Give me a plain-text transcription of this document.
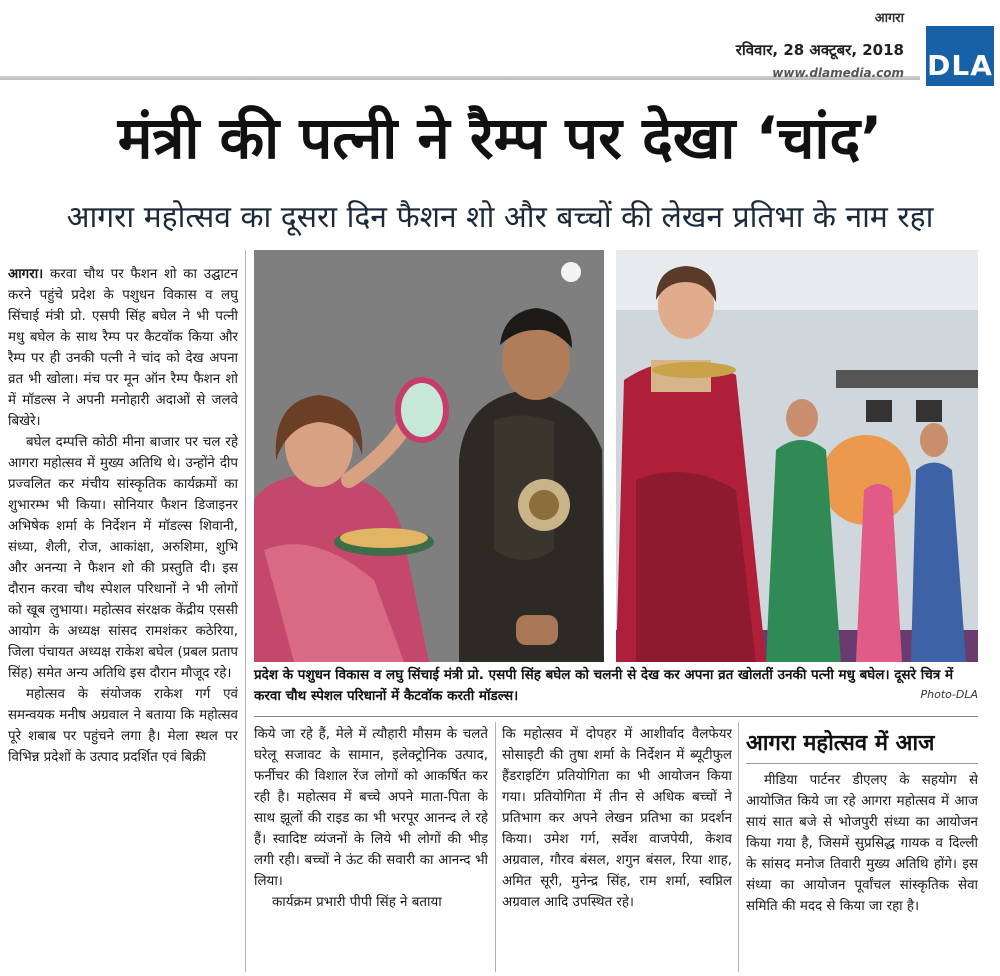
आगरा
रविवार, 28 अक्टूबर, 2018
www.dlamedia.com DLA
मंत्री की पत्नी ने रैम्प पर देखा ‘चांद’
आगरा महोत्सव का दूसरा दिन फैशन शो और बच्चों की लेखन प्रतिभा के नाम रहा

आगरा। करवा चौथ पर फैशन शो का उद्घाटन करने पहुंचे प्रदेश के पशुधन विकास व लघु सिंचाई मंत्री प्रो. एसपी सिंह बघेल ने भी पत्नी मधु बघेल के साथ रैम्प पर कैटवॉक किया और रैम्प पर ही उनकी पत्नी ने चांद को देख अपना व्रत भी खोला। मंच पर मून ऑन रैम्प फैशन शो में मॉडल्स ने अपनी मनोहारी अदाओं से जलवे बिखेरे।

बघेल दम्पत्ति कोठी मीना बाजार पर चल रहे आगरा महोत्सव में मुख्य अतिथि थे। उन्होंने दीप प्रज्वलित कर मंचीय सांस्कृतिक कार्यक्रमों का शुभारम्भ भी किया। सोनियार फैशन डिजाइनर अभिषेक शर्मा के निर्देशन में मॉडल्स शिवानी, संध्या, शैली, रोज, आकांक्षा, अरुशिमा, शुभि और अनन्या ने फैशन शो की प्रस्तुति दी। इस दौरान करवा चौथ स्पेशल परिधानों ने भी लोगों को खूब लुभाया। महोत्सव संरक्षक केंद्रीय एससी आयोग के अध्यक्ष सांसद रामशंकर कठेरिया, जिला पंचायत अध्यक्ष राकेश बघेल (प्रबल प्रताप सिंह) समेत अन्य अतिथि इस दौरान मौजूद रहे।

महोत्सव के संयोजक राकेश गर्ग एवं समन्वयक मनीष अग्रवाल ने बताया कि महोत्सव पूरे शबाब पर पहुंचने लगा है। मेला स्थल पर विभिन्न प्रदेशों के उत्पाद प्रदर्शित एवं बिक्री

प्रदेश के पशुधन विकास व लघु सिंचाई मंत्री प्रो. एसपी सिंह बघेल को चलनी से देख कर अपना व्रत खोलतीं उनकी पत्नी मधु बघेल। दूसरे चित्र में करवा चौथ स्पेशल परिधानों में कैटवॉक करती मॉडल्स।	Photo-DLA

किये जा रहे हैं, मेले में त्यौहारी मौसम के चलते घरेलू सजावट के सामान, इलेक्ट्रोनिक उत्पाद, फर्नीचर की विशाल रेंज लोगों को आकर्षित कर रही है। महोत्सव में बच्चे अपने माता-पिता के साथ झूलों की राइड का भी भरपूर आनन्द ले रहे हैं। स्वादिष्ट व्यंजनों के लिये भी लोगों की भीड़ लगी रही। बच्चों ने ऊंट की सवारी का आनन्द भी लिया।

कार्यक्रम प्रभारी पीपी सिंह ने बताया

कि महोत्सव में दोपहर में आशीर्वाद वैलफेयर सोसाइटी की तुषा शर्मा के निर्देशन में ब्यूटीफुल हैंडराइटिंग प्रतियोगिता का भी आयोजन किया गया। प्रतियोगिता में तीन से अधिक बच्चों ने प्रतिभाग कर अपने लेखन प्रतिभा का प्रदर्शन किया। उमेश गर्ग, सर्वेश वाजपेयी, केशव अग्रवाल, गौरव बंसल, शगुन बंसल, रिया शाह, अमित सूरी, मुनेन्द्र सिंह, राम शर्मा, स्वप्निल अग्रवाल आदि उपस्थित रहे।

आगरा महोत्सव में आज

मीडिया पार्टनर डीएलए के सहयोग से आयोजित किये जा रहे आगरा महोत्सव में आज सायं सात बजे से भोजपुरी संध्या का आयोजन किया गया है, जिसमें सुप्रसिद्ध गायक व दिल्ली के सांसद मनोज तिवारी मुख्य अतिथि होंगे। इस संध्या का आयोजन पूर्वांचल सांस्कृतिक सेवा समिति की मदद से किया जा रहा है।
